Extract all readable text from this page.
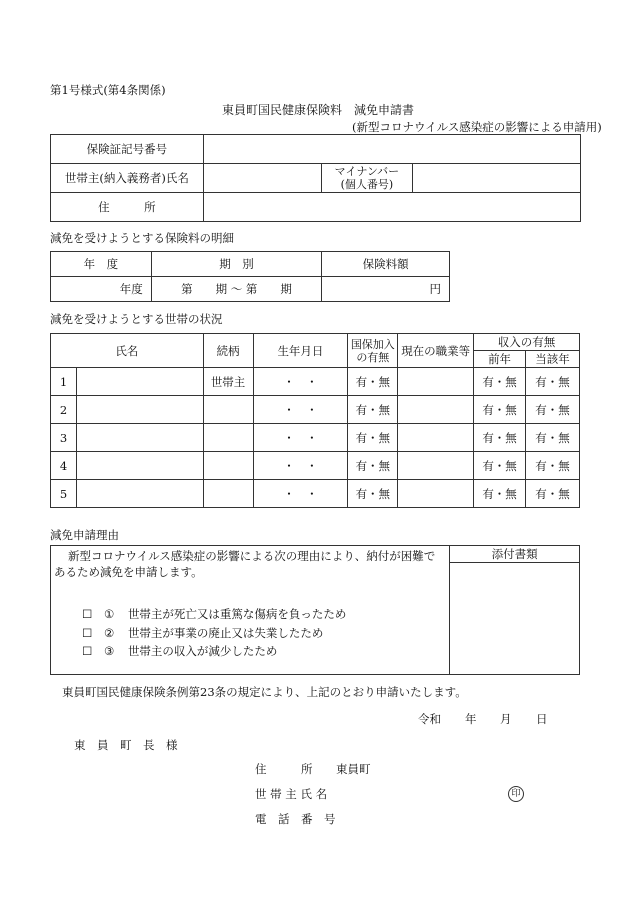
第1号様式(第4条関係)
東員町国民健康保険料　減免申請書
(新型コロナウイルス感染症の影響による申請用)
保険証記号番号			
世帯主(納入義務者)氏名		マイナンバー
(個人番号)	

住　　　所			
減免を受けようとする保険料の明細
年　度	期　別	保険料額
年度	第　　期 〜 第　　期	円
減免を受けようとする世帯の状況
氏名		続柄	生年月日	国保加入
の有無	現在の職業等	収入の有無	
						前年	当該年
1		世帯主	・　・	有・無		有・無	有・無
2			・　・	有・無		有・無	有・無
3			・　・	有・無		有・無	有・無
4			・　・	有・無		有・無	有・無
5			・　・	有・無		有・無	有・無
減免申請理由
	添付書類

新型コロナウイルス感染症の影響による次の理由により、納付が困難で
あるため減免を申請します。
☐ ① 世帯主が死亡又は重篤な傷病を負ったため
☐ ② 世帯主が事業の廃止又は失業したため
☐ ③ 世帯主の収入が減少したため
東員町国民健康保険条例第23条の規定により、上記のとおり申請いたします。
令和 年 月 日
東　員　町　長　様
住　　　所 東員町
世 帯 主 氏 名	印
電　話　番　号
